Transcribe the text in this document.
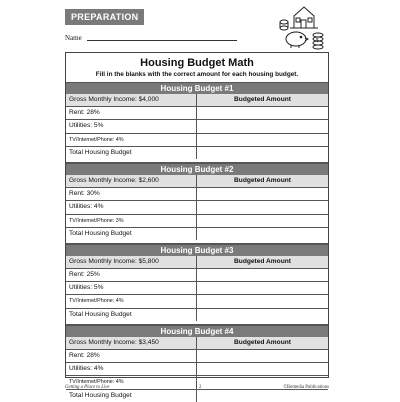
PREPARATION
Name	$
Housing Budget Math
Fill in the blanks with the correct amount for each housing budget.
Housing Budget #1
Gross Monthly Income: $4,000	Budgeted Amount
Rent: 28%
Utilities: 5%
TV/Internet/Phone: 4%
Total Housing Budget
Housing Budget #2
Gross Monthly Income: $2,600	Budgeted Amount
Rent: 30%
Utilities: 4%
TV/Internet/Phone: 3%
Total Housing Budget
Housing Budget #3
Gross Monthly Income: $5,800	Budgeted Amount
Rent: 25%
Utilities: 5%
TV/Internet/Phone: 4%
Total Housing Budget
Housing Budget #4
Gross Monthly Income: $3,450	Budgeted Amount
Rent: 28%
Utilities: 4%
TV/Internet/Phone: 4%
Total Housing Budget
Getting a Place to Live	2	©Remedia Publications
